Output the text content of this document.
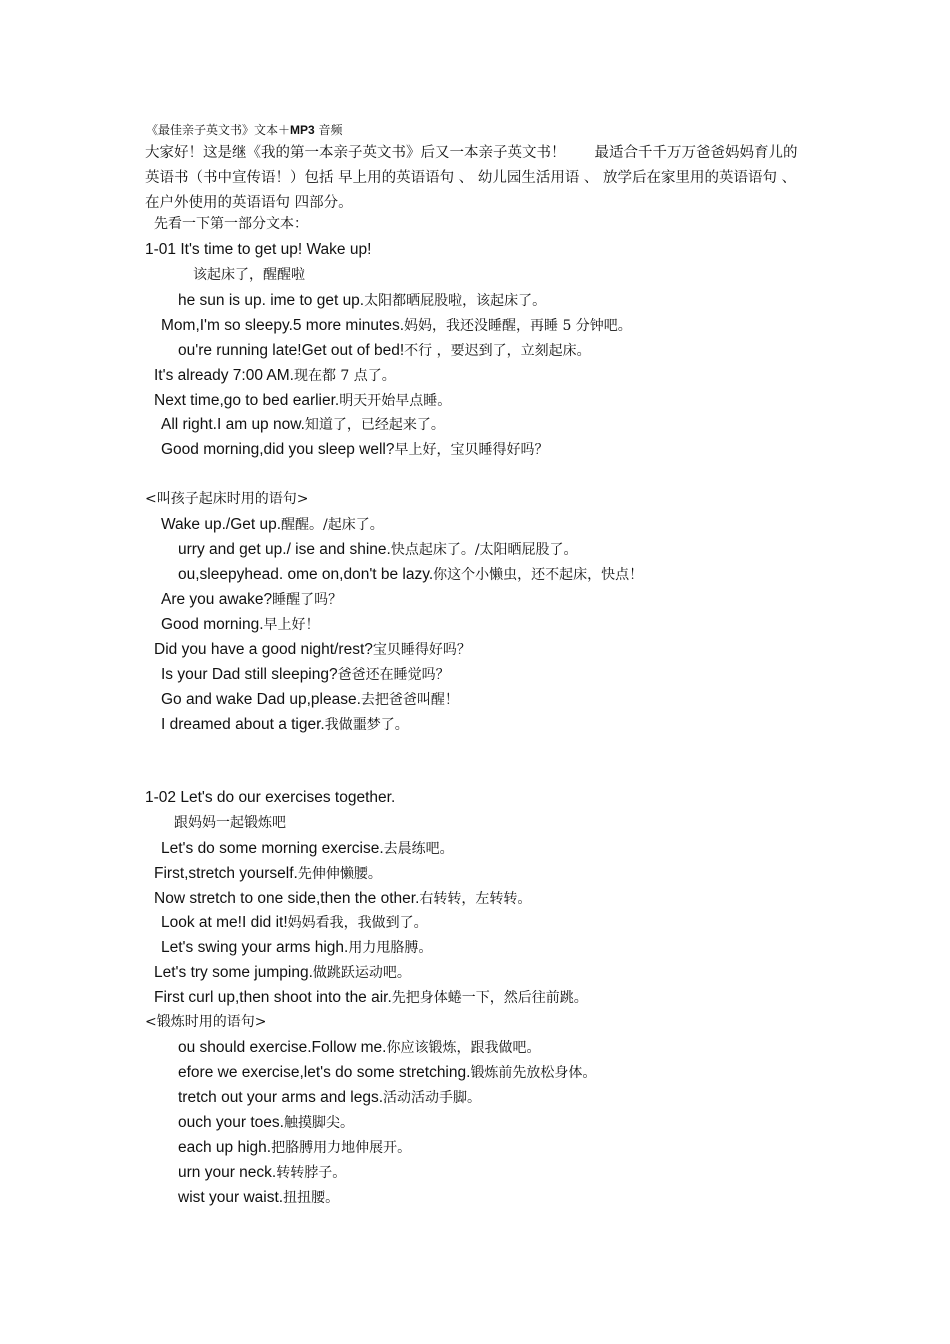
《最佳亲子英文书》文本＋MP3 音频
大家好！这是继《我的第一本亲子英文书》后又一本亲子英文书！　　最适合千千万万爸爸妈妈育儿的 英语书（书中宣传语！）包括 早上用的英语语句 、 幼儿园生活用语 、 放学后在家里用的英语语句 、 在户外使用的英语语句 四部分。
先看一下第一部分文本：
1-01 It's time to get up! Wake up!
该起床了，醒醒啦
he sun is up. ime to get up.太阳都晒屁股啦，该起床了。
Mom,I'm so sleepy.5 more minutes.妈妈，我还没睡醒，再睡 5 分钟吧。
ou're running late!Get out of bed!不行 ，要迟到了，立刻起床。
It's already 7:00 AM.现在都 7 点了。
Next time,go to bed earlier.明天开始早点睡。
All right.I am up now.知道了，已经起来了。
Good morning,did you sleep well?早上好，宝贝睡得好吗？
<叫孩子起床时用的语句>
Wake up./Get up.醒醒。/起床了。
urry and get up./ ise and shine.快点起床了。/太阳晒屁股了。
ou,sleepyhead. ome on,don't be lazy.你这个小懒虫，还不起床，快点！
Are you awake?睡醒了吗？
Good morning.早上好！
Did you have a good night/rest?宝贝睡得好吗？
Is your Dad still sleeping?爸爸还在睡觉吗？
Go and wake Dad up,please.去把爸爸叫醒！
I dreamed about a tiger.我做噩梦了。
1-02 Let's do our exercises together.
跟妈妈一起锻炼吧
Let's do some morning exercise.去晨练吧。
First,stretch yourself.先伸伸懒腰。
Now stretch to one side,then the other.右转转，左转转。
Look at me!I did it!妈妈看我，我做到了。
Let's swing your arms high.用力甩胳膊。
Let's try some jumping.做跳跃运动吧。
First curl up,then shoot into the air.先把身体蜷一下，然后往前跳。
<锻炼时用的语句>
ou should exercise.Follow me.你应该锻炼，跟我做吧。
efore we exercise,let's do some stretching.锻炼前先放松身体。
tretch out your arms and legs.活动活动手脚。
ouch your toes.触摸脚尖。
each up high.把胳膊用力地伸展开。
urn your neck.转转脖子。
wist your waist.扭扭腰。
